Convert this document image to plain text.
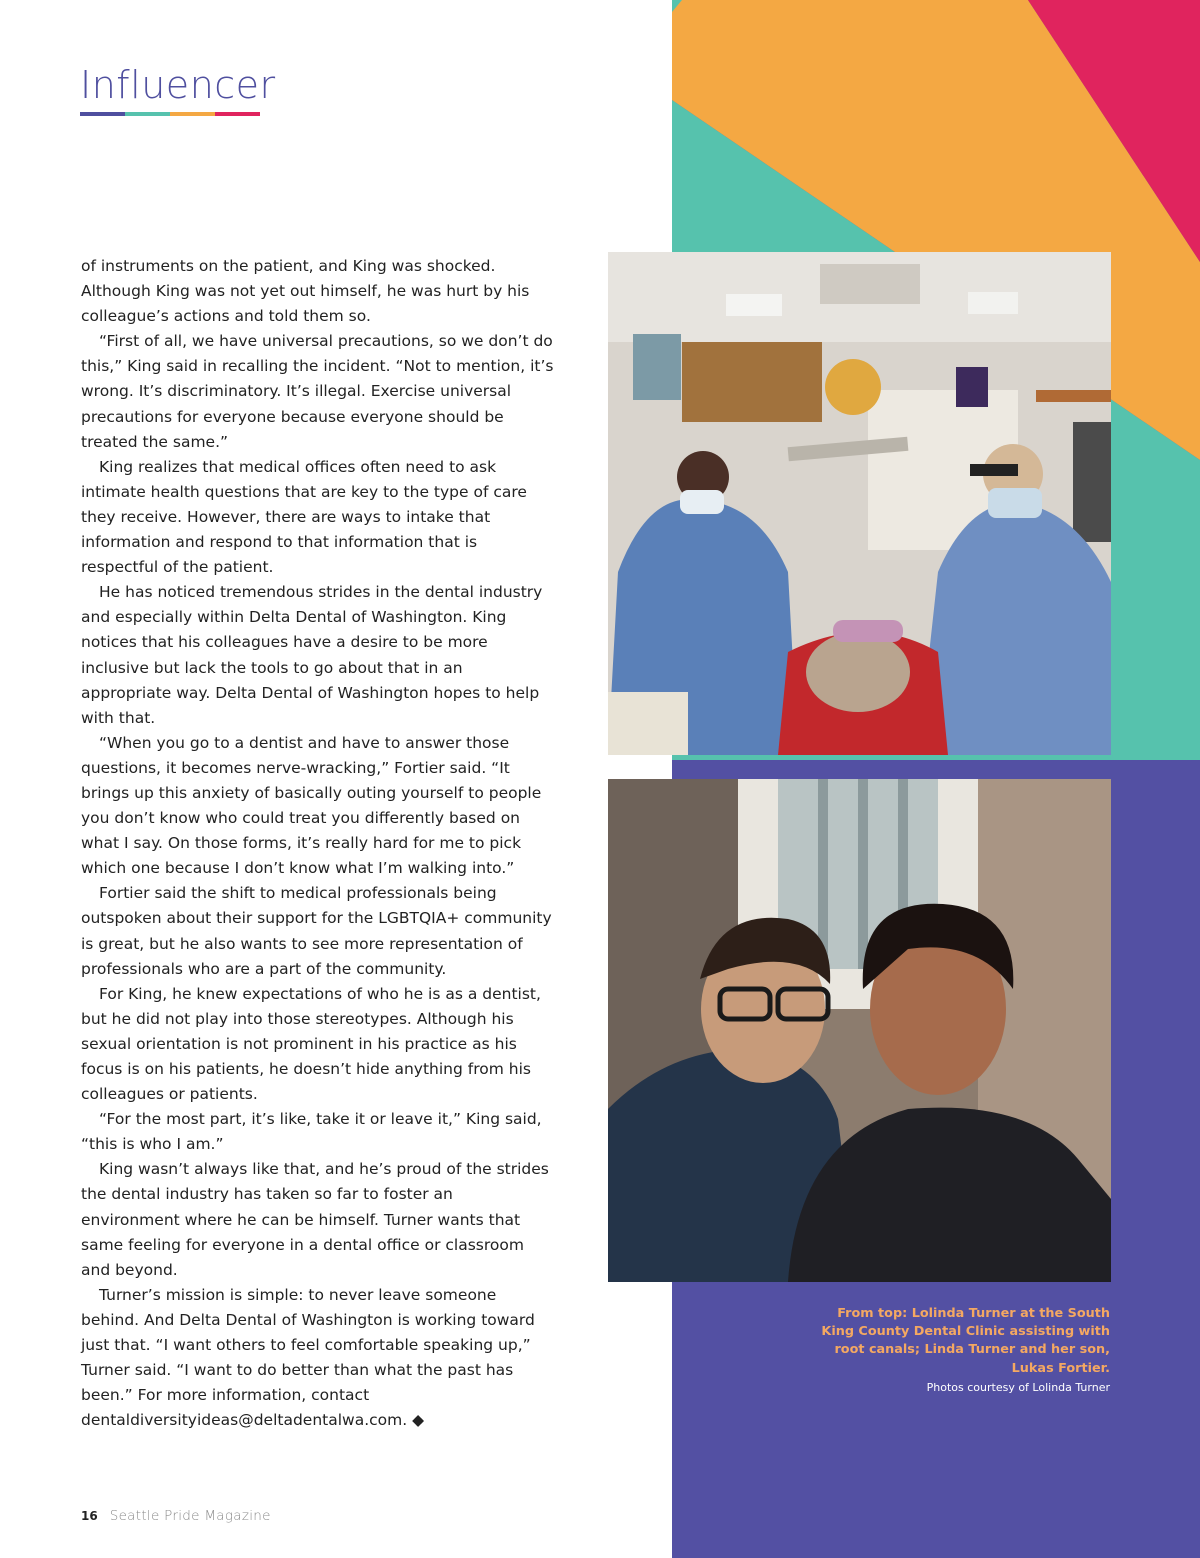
Influencer

of instruments on the patient, and King was shocked. Although King was not yet out himself, he was hurt by his colleague’s actions and told them so.

“First of all, we have universal precautions, so we don’t do this,” King said in recalling the incident. “Not to mention, it’s wrong. It’s discriminatory. It’s illegal. Exercise universal precautions for everyone because everyone should be treated the same.”

King realizes that medical offices often need to ask intimate health questions that are key to the type of care they receive. However, there are ways to intake that information and respond to that information that is respectful of the patient.

He has noticed tremendous strides in the dental industry and especially within Delta Dental of Washington. King notices that his colleagues have a desire to be more inclusive but lack the tools to go about that in an appropriate way. Delta Dental of Washington hopes to help with that.

“When you go to a dentist and have to answer those questions, it becomes nerve-wracking,” Fortier said. “It brings up this anxiety of basically outing yourself to people you don’t know who could treat you differently based on what I say. On those forms, it’s really hard for me to pick which one because I don’t know what I’m walking into.”

Fortier said the shift to medical professionals being outspoken about their support for the LGBTQIA+ community is great, but he also wants to see more representation of professionals who are a part of the community.

For King, he knew expectations of who he is as a dentist, but he did not play into those stereotypes. Although his sexual orientation is not prominent in his practice as his focus is on his patients, he doesn’t hide anything from his colleagues or patients.

“For the most part, it’s like, take it or leave it,” King said, “this is who I am.”

King wasn’t always like that, and he’s proud of the strides the dental industry has taken so far to foster an environment where he can be himself. Turner wants that same feeling for everyone in a dental office or classroom and beyond.

Turner’s mission is simple: to never leave someone behind. And Delta Dental of Washington is working toward just that. “I want others to feel comfortable speaking up,” Turner said. “I want to do better than what the past has been.” For more information, contact dentaldiversityideas@deltadentalwa.com. ◆

From top: Lolinda Turner at the South King County Dental Clinic assisting with root canals; Linda Turner and her son, Lukas Fortier.
Photos courtesy of Lolinda Turner
16 Seattle Pride Magazine
